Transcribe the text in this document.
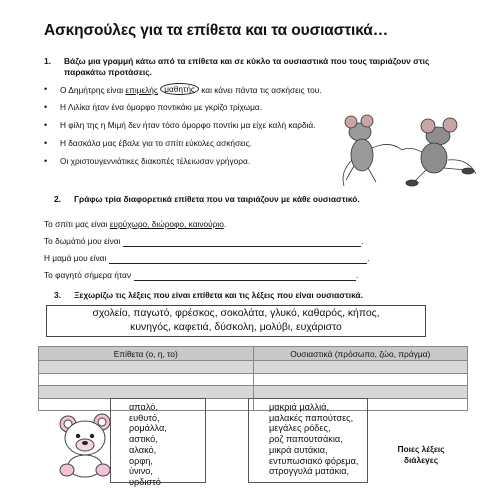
Ασκησούλες για τα επίθετα και τα ουσιαστικά…
1. Βάζω μια γραμμή κάτω από τα επίθετα και σε κύκλο τα ουσιαστικά που τους ταιριάζουν στις παρακάτω προτάσεις.
• Ο Δημήτρης είναι επιμελής μαθητής και κάνει πάντα τις ασκήσεις του.
• Η Λιλίκα ήταν ένα όμορφο ποντικάκι με γκρίζο τρίχωμα.
• Η φίλη της η Μιμή δεν ήταν τόσο όμορφο ποντίκι μα είχε καλή καρδιά.
• Η δασκάλα μας έβαλε για το σπίτι εύκολες ασκήσεις.
• Οι χριστουγεννιάτικες διακοπές τέλειωσαν γρήγορα.
2. Γράφω τρία διαφορετικά επίθετα που να ταιριάζουν με κάθε ουσιαστικό.
Το σπίτι μας είναι
ευρύχωρο, διώροφο, καινούριο .
Το δωμάτιό μου είναι	.
Η μαμά μου είναι	.
Το φαγητό σήμερα ήταν	.
3. Ξεχωρίζω τις λέξεις που είναι επίθετα και τις λέξεις που είναι ουσιαστικά.
σχολείο, παγωτό, φρέσκος, σοκολάτα, γλυκό, καθαρός, κήπος,
κυνηγός, καφετιά, δύσκολη, μολύβι, ευχάριστο
Επίθετα (ο, η, το)	Ουσιαστικά (πρόσωπο, ζώο, πράγμα)

απαλό,
ευθυτό,
ρομάλλα,
αστικό,
αλακό,
ορφη,
ύνινο,
υρδιστό
μακριά μαλλιά,
μαλακές παπούτσες,
μεγάλες ρόδες,
ροζ παπουτσάκια,
μικρά αυτάκια,
εντυπωσιακό φόρεμα,
στρογγυλά ματάκια,
Ποιες λέξεις
διάλεγες
